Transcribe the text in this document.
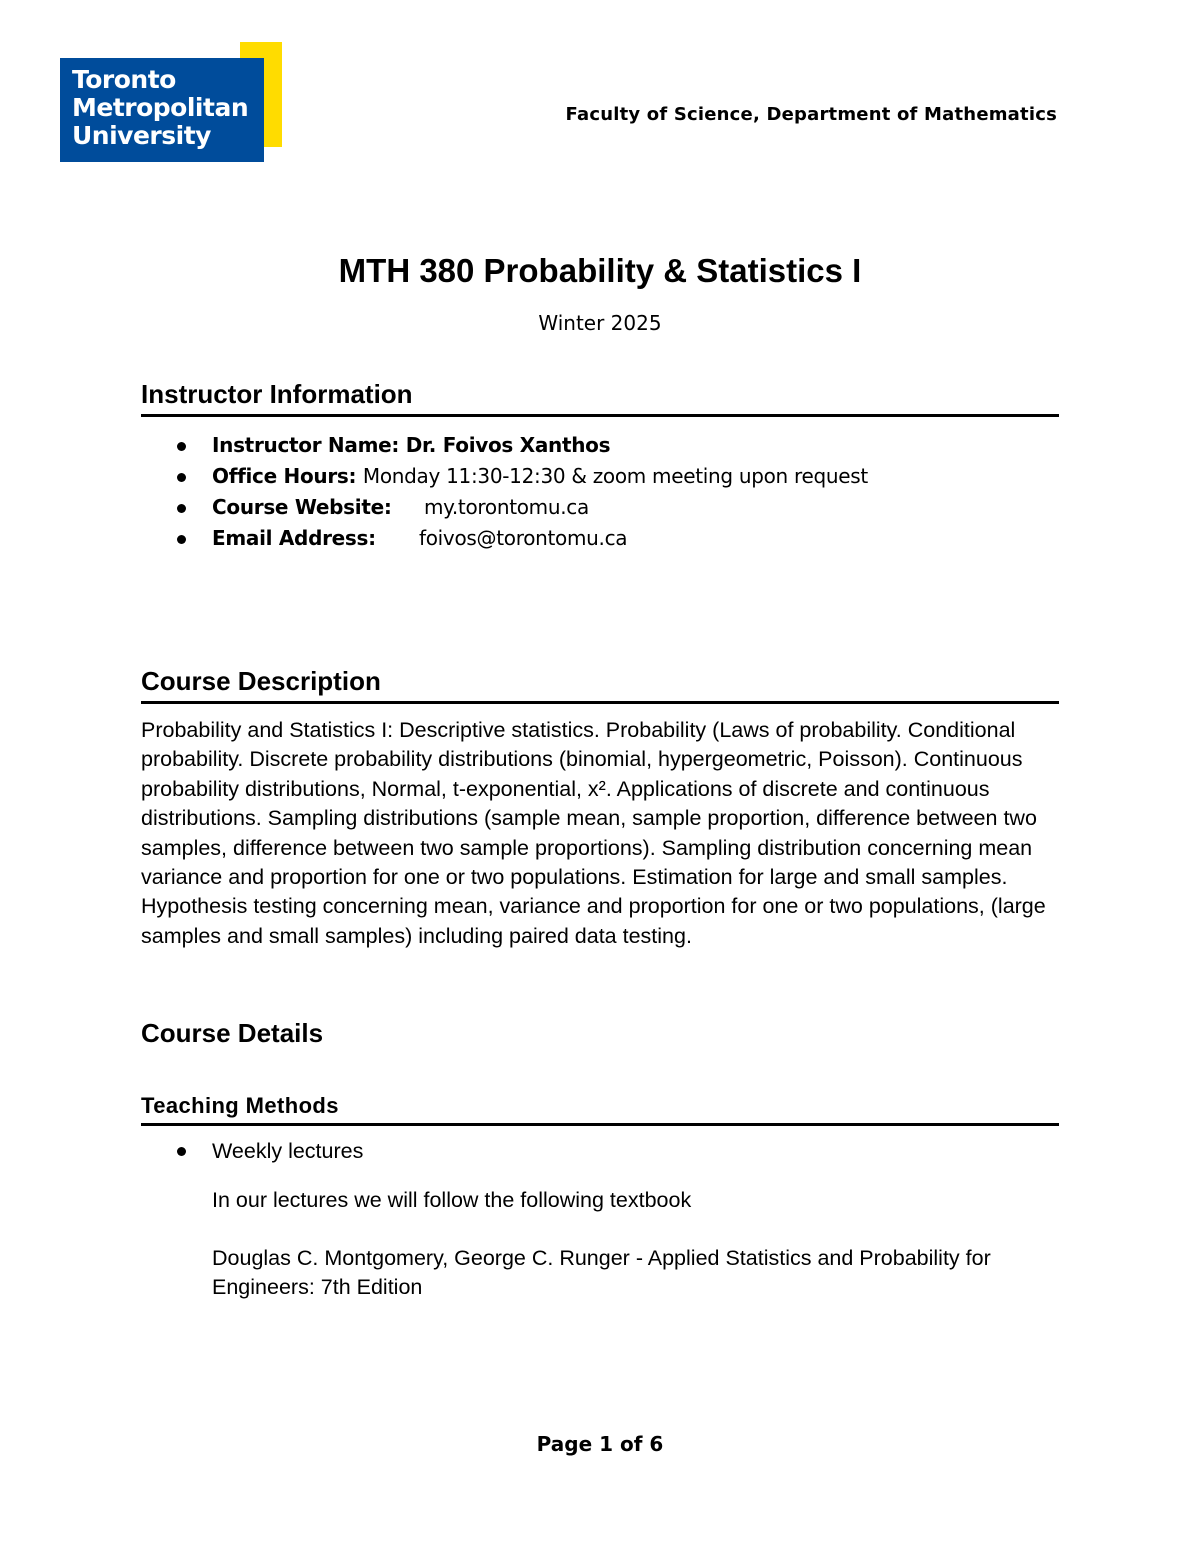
Toronto
Metropolitan
University
Faculty of Science, Department of Mathematics
MTH 380 Probability & Statistics I
Winter 2025
Instructor Information
Instructor Name: Dr. Foivos Xanthos
Office Hours: Monday 11:30-12:30 & zoom meeting upon request
Course Website: my.torontomu.ca
Email Address: foivos@torontomu.ca
Course Description

Probability and Statistics I: Descriptive statistics. Probability (Laws of probability. Conditional probability. Discrete probability distributions (binomial, hypergeometric, Poisson). Continuous probability distributions, Normal, t-exponential, x². Applications of discrete and continuous distributions. Sampling distributions (sample mean, sample proportion, difference between two samples, difference between two sample proportions). Sampling distribution concerning mean variance and proportion for one or two populations. Estimation for large and small samples. Hypothesis testing concerning mean, variance and proportion for one or two populations, (large samples and small samples) including paired data testing.

Course Details
Teaching Methods
Weekly lectures

In our lectures we will follow the following textbook

Douglas C. Montgomery, George C. Runger - Applied Statistics and Probability for Engineers: 7th Edition

Page 1 of 6
